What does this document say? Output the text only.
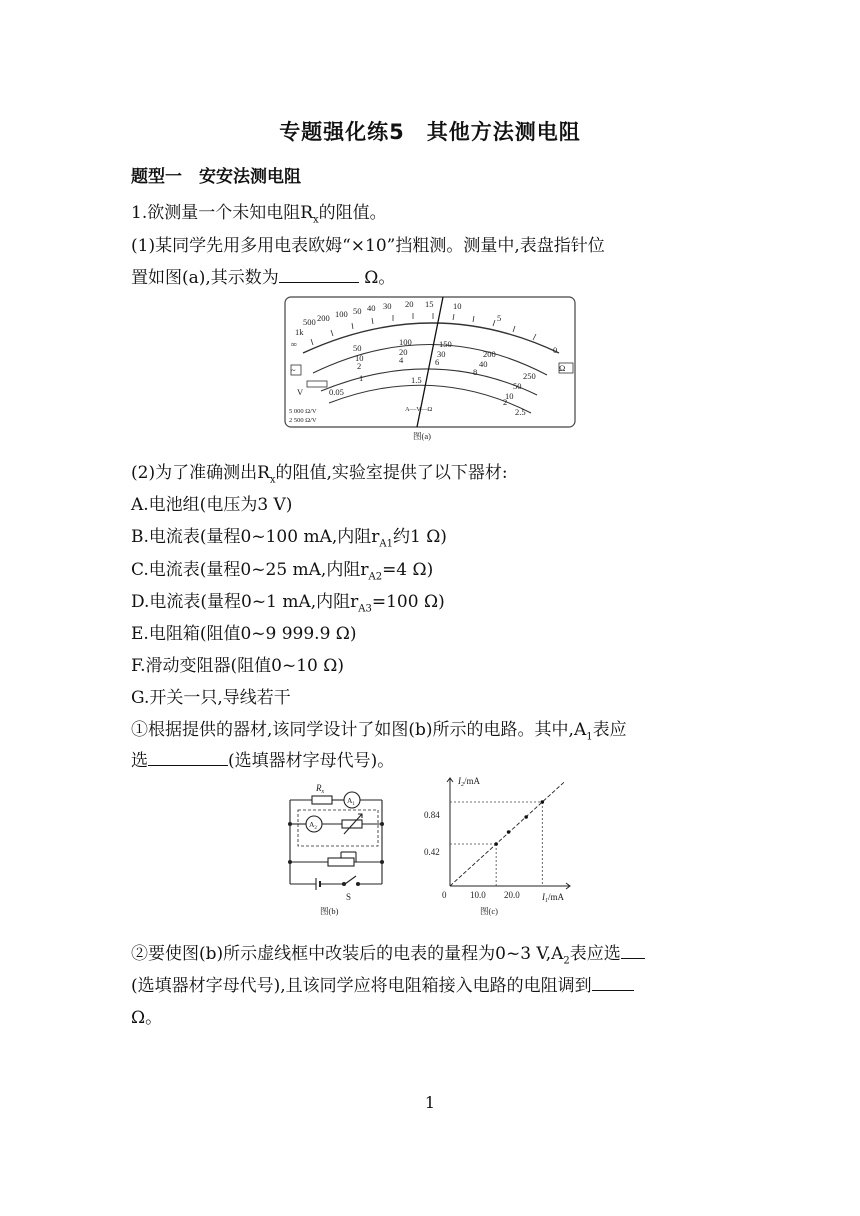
专题强化练5　其他方法测电阻
题型一　安安法测电阻
1.欲测量一个未知电阻$R_x$的阻值。
(1)某同学先用多用电表欧姆“×10”挡粗测。测量中,表盘指针位
置如图(a),其示数为	Ω。
∞
1k
500 200 100 50 40 30 20 15 10
5
0
Ω
50
100	150
200
250
10
20	30
40
50
2
4	6
8
10
0.05
1	1.5
2
2.5
~
V
5 000 Ω/V
2 500 Ω/V
A—V—Ω
图(a)
(2)为了准确测出$R_x$的阻值,实验室提供了以下器材:
A.电池组(电压为3 V)
B.电流表(量程0~100 mA,内阻$r_{A1}$约1 Ω)
C.电流表(量程0~25 mA,内阻$r_{A2}=4$ Ω)
D.电流表(量程0~1 mA,内阻$r_{A3}=100$ Ω)
E.电阻箱(阻值0~9 999.9 Ω)
F.滑动变阻器(阻值0~10 Ω)
G.开关一只,导线若干
①根据提供的器材,该同学设计了如图(b)所示的电路。其中$,A_1$表应
选	(选填器材字母代号)。
$R_x$
$A_1$
$A_2$
S
图(b)
$I_2/mA$
$I_1/mA$
0
0.84
0.42
10.0 20.0
图(c)
②要使图(b)所示虚线框中改装后的电表的量程为0~3 $V,A_2$表应选
(选填器材字母代号),且该同学应将电阻箱接入电路的电阻调到
Ω。
1
